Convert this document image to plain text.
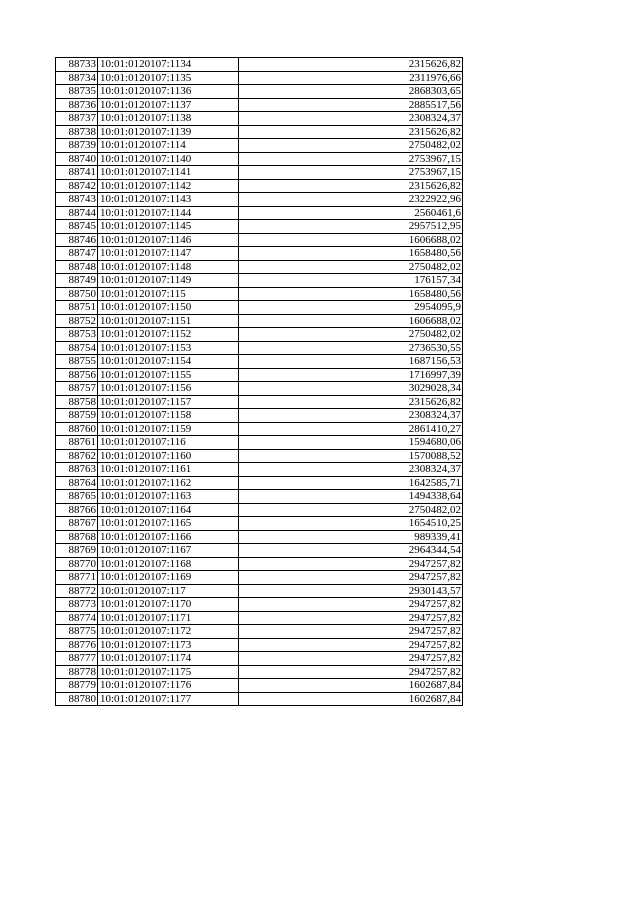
88733	10:01:0120107:1134	2315626,82
88734	10:01:0120107:1135	2311976,66
88735	10:01:0120107:1136	2868303,65
88736	10:01:0120107:1137	2885517,56
88737	10:01:0120107:1138	2308324,37
88738	10:01:0120107:1139	2315626,82
88739	10:01:0120107:114	2750482,02
88740	10:01:0120107:1140	2753967,15
88741	10:01:0120107:1141	2753967,15
88742	10:01:0120107:1142	2315626,82
88743	10:01:0120107:1143	2322922,96
88744	10:01:0120107:1144	2560461,6
88745	10:01:0120107:1145	2957512,95
88746	10:01:0120107:1146	1606688,02
88747	10:01:0120107:1147	1658480,56
88748	10:01:0120107:1148	2750482,02
88749	10:01:0120107:1149	176157,34
88750	10:01:0120107:115	1658480,56
88751	10:01:0120107:1150	2954095,9
88752	10:01:0120107:1151	1606688,02
88753	10:01:0120107:1152	2750482,02
88754	10:01:0120107:1153	2736530,55
88755	10:01:0120107:1154	1687156,53
88756	10:01:0120107:1155	1716997,39
88757	10:01:0120107:1156	3029028,34
88758	10:01:0120107:1157	2315626,82
88759	10:01:0120107:1158	2308324,37
88760	10:01:0120107:1159	2861410,27
88761	10:01:0120107:116	1594680,06
88762	10:01:0120107:1160	1570088,52
88763	10:01:0120107:1161	2308324,37
88764	10:01:0120107:1162	1642585,71
88765	10:01:0120107:1163	1494338,64
88766	10:01:0120107:1164	2750482,02
88767	10:01:0120107:1165	1654510,25
88768	10:01:0120107:1166	989339,41
88769	10:01:0120107:1167	2964344,54
88770	10:01:0120107:1168	2947257,82
88771	10:01:0120107:1169	2947257,82
88772	10:01:0120107:117	2930143,57
88773	10:01:0120107:1170	2947257,82
88774	10:01:0120107:1171	2947257,82
88775	10:01:0120107:1172	2947257,82
88776	10:01:0120107:1173	2947257,82
88777	10:01:0120107:1174	2947257,82
88778	10:01:0120107:1175	2947257,82
88779	10:01:0120107:1176	1602687,84
88780	10:01:0120107:1177	1602687,84
